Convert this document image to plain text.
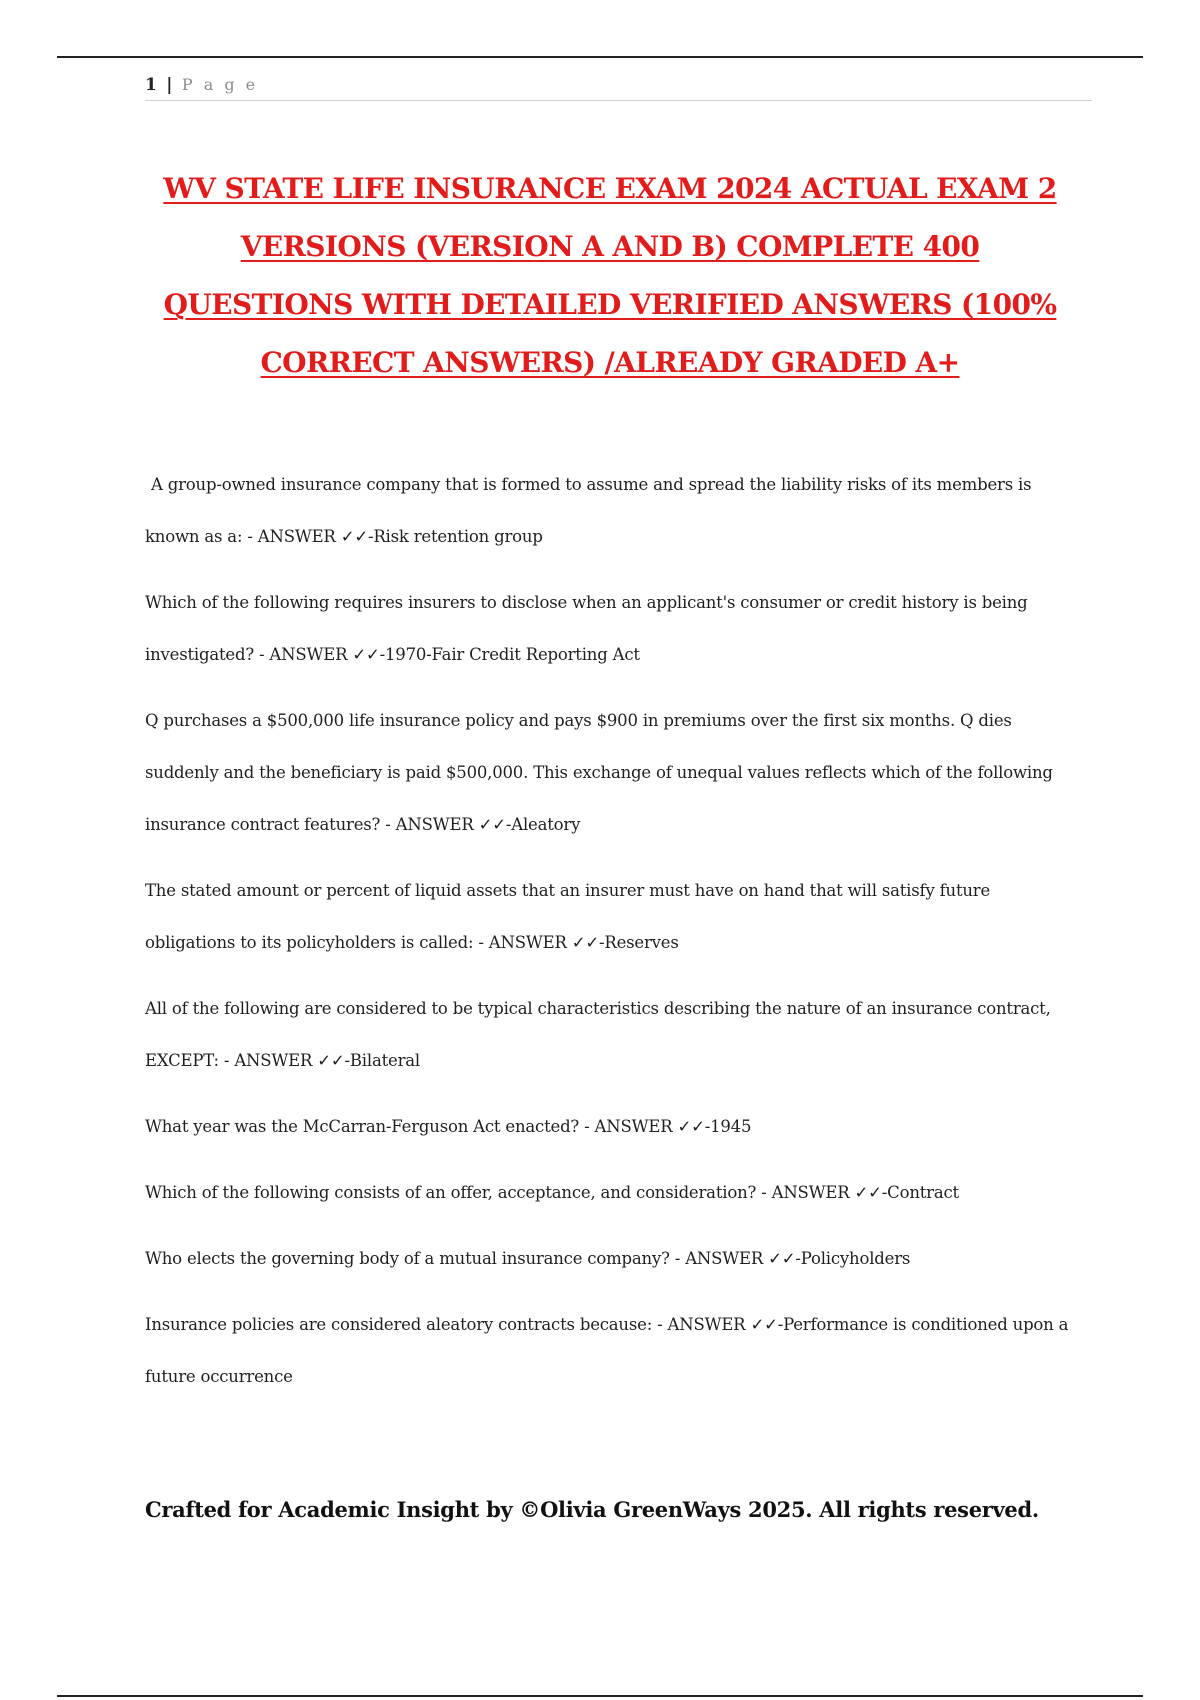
1 | P a g e
WV STATE LIFE INSURANCE EXAM 2024 ACTUAL EXAM 2 VERSIONS (VERSION A AND B) COMPLETE 400 QUESTIONS WITH DETAILED VERIFIED ANSWERS (100% CORRECT ANSWERS) /ALREADY GRADED A+
A group-owned insurance company that is formed to assume and spread the liability risks of its members is known as a: - ANSWER ✓✓-Risk retention group
Which of the following requires insurers to disclose when an applicant's consumer or credit history is being investigated? - ANSWER ✓✓-1970-Fair Credit Reporting Act
Q purchases a $500,000 life insurance policy and pays $900 in premiums over the first six months. Q dies suddenly and the beneficiary is paid $500,000. This exchange of unequal values reflects which of the following insurance contract features? - ANSWER ✓✓-Aleatory
The stated amount or percent of liquid assets that an insurer must have on hand that will satisfy future obligations to its policyholders is called: - ANSWER ✓✓-Reserves
All of the following are considered to be typical characteristics describing the nature of an insurance contract, EXCEPT: - ANSWER ✓✓-Bilateral
What year was the McCarran-Ferguson Act enacted? - ANSWER ✓✓-1945
Which of the following consists of an offer, acceptance, and consideration? - ANSWER ✓✓-Contract
Who elects the governing body of a mutual insurance company? - ANSWER ✓✓-Policyholders
Insurance policies are considered aleatory contracts because: - ANSWER ✓✓-Performance is conditioned upon a future occurrence

Crafted for Academic Insight by ©Olivia GreenWays 2025. All rights reserved.
